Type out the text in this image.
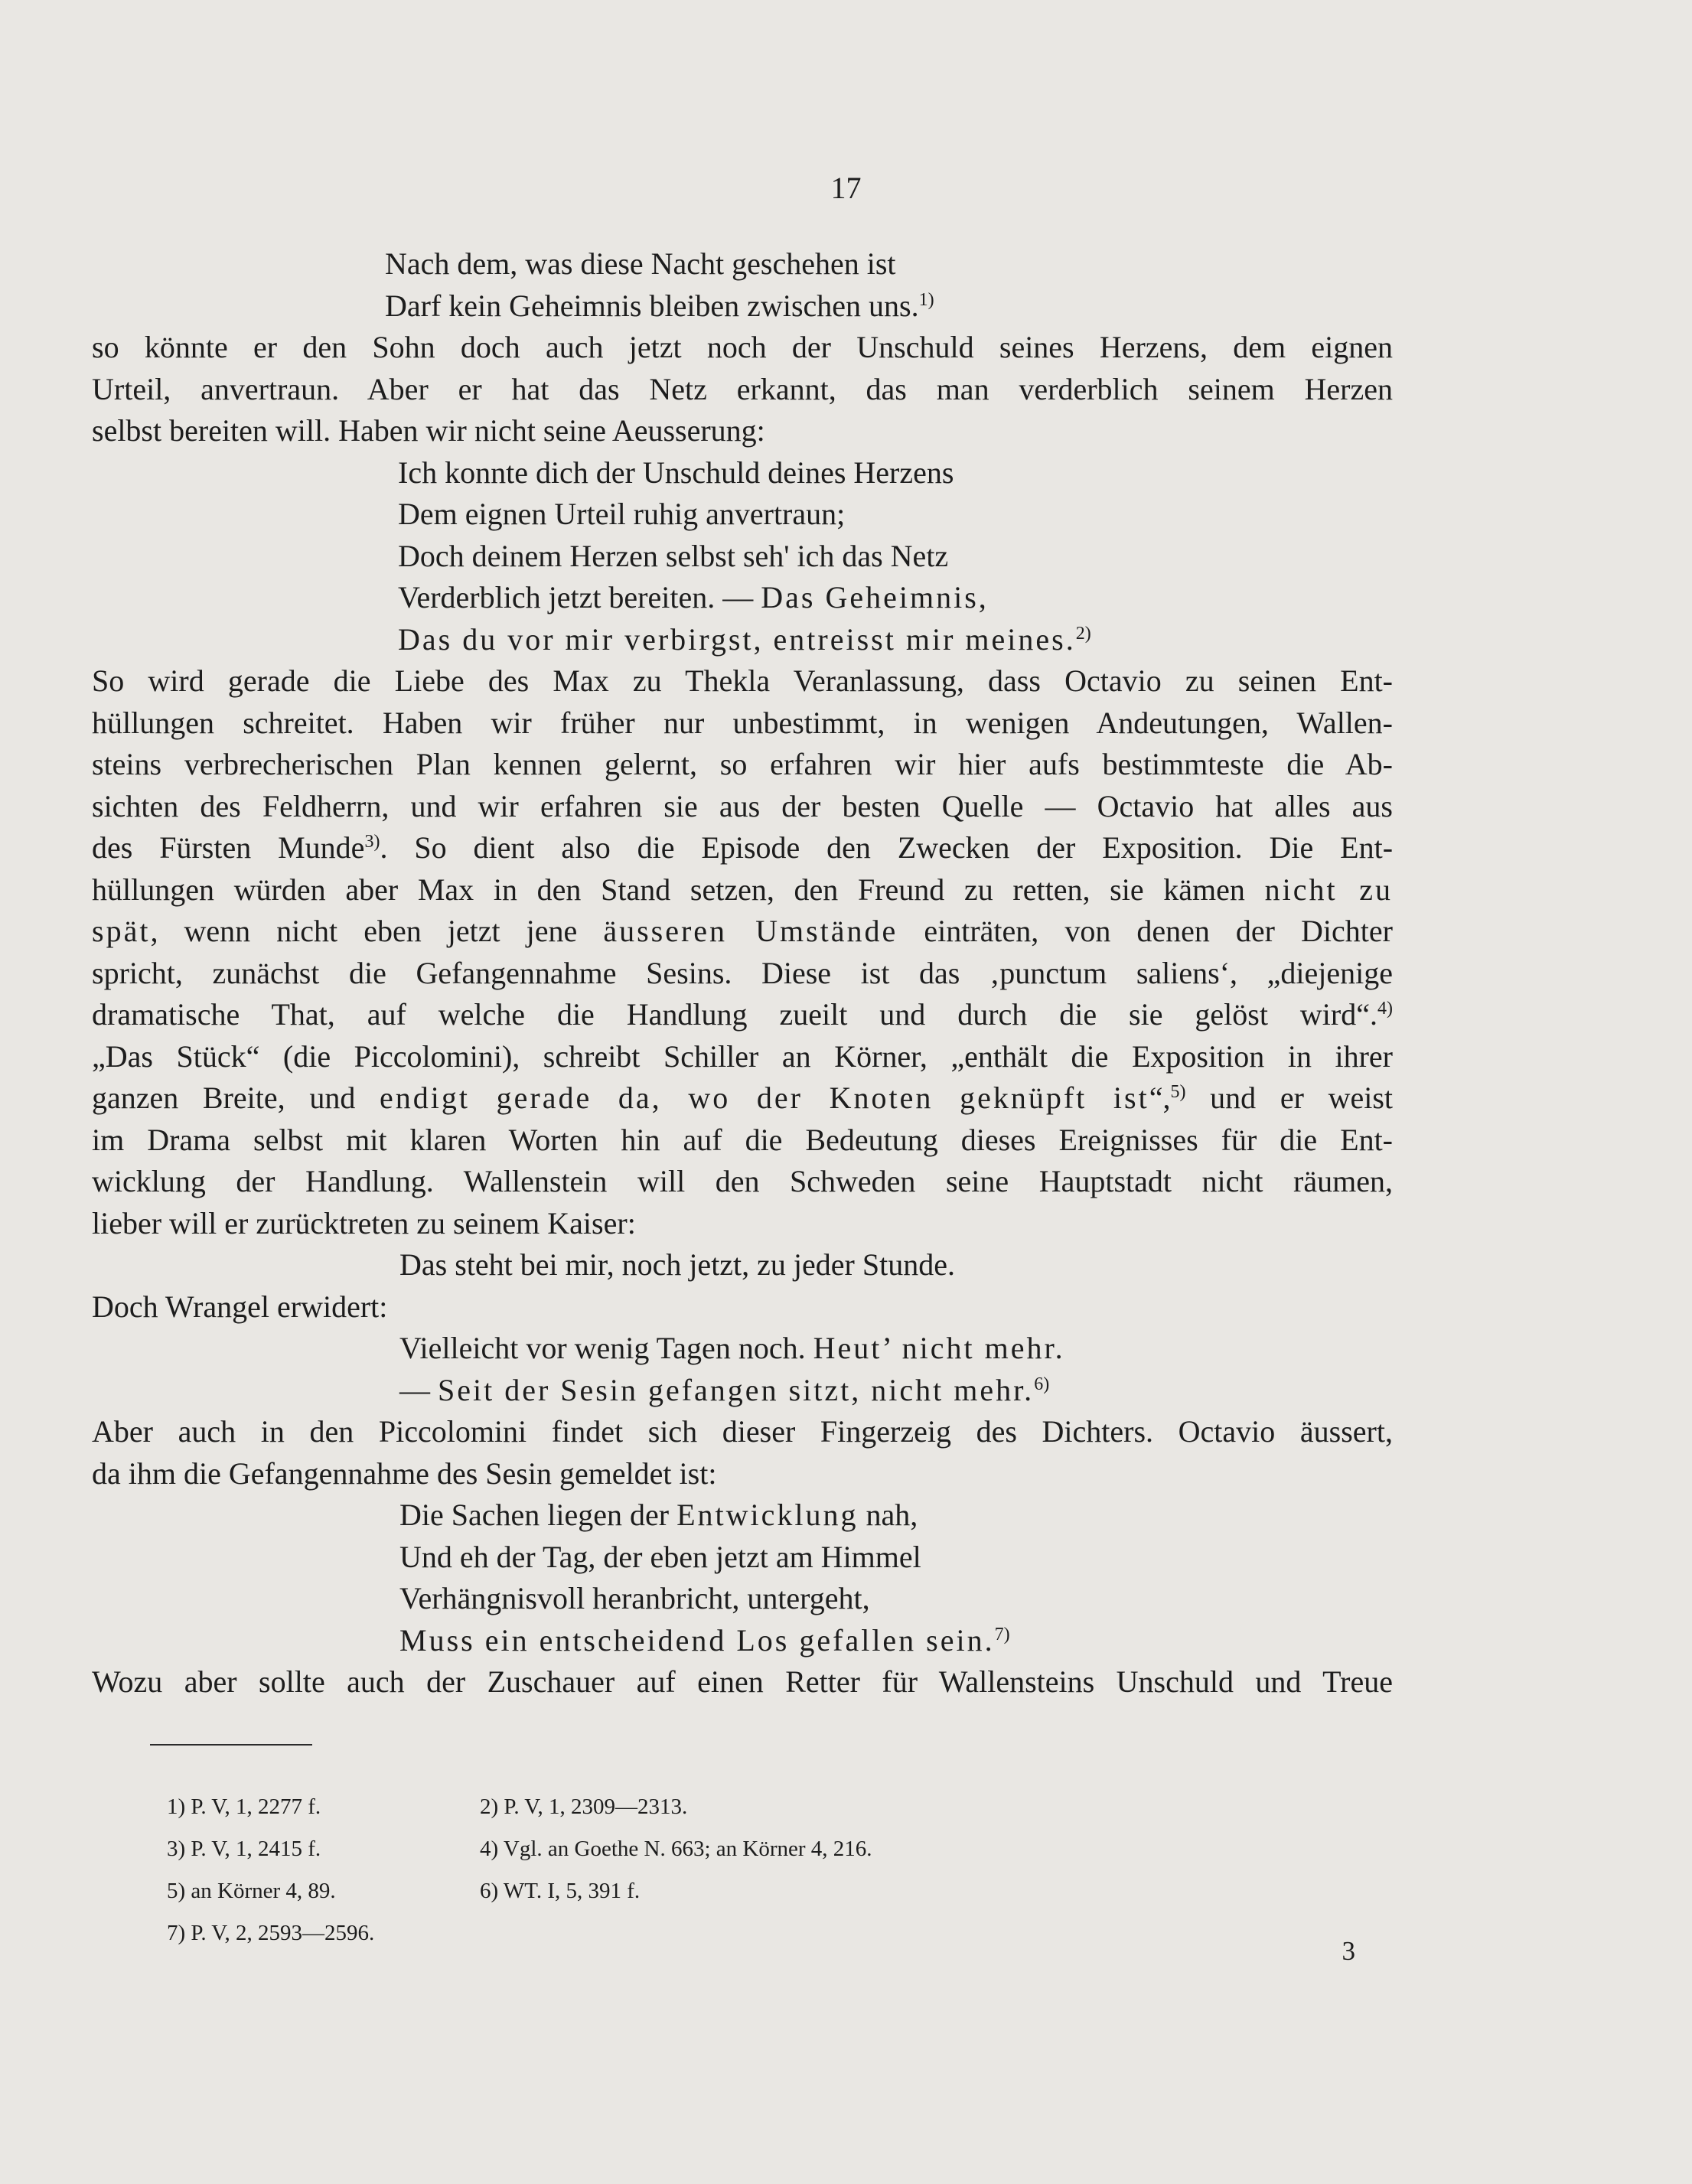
17
Nach dem, was diese Nacht geschehen ist
Darf kein Geheimnis bleiben zwischen uns.$^{1)}$
so könnte er den Sohn doch auch jetzt noch der Unschuld seines Herzens, dem eignen
Urteil, anvertraun. Aber er hat das Netz erkannt, das man verderblich seinem Herzen
selbst bereiten will. Haben wir nicht seine Aeusserung:
Ich konnte dich der Unschuld deines Herzens
Dem eignen Urteil ruhig anvertraun;
Doch deinem Herzen selbst seh' ich das Netz
Verderblich jetzt bereiten. — Das Geheimnis,
Das du vor mir verbirgst, entreisst mir meines.$^{2)}$
So wird gerade die Liebe des Max zu Thekla Veranlassung, dass Octavio zu seinen Ent-
hüllungen schreitet. Haben wir früher nur unbestimmt, in wenigen Andeutungen, Wallen-
steins verbrecherischen Plan kennen gelernt, so erfahren wir hier aufs bestimmteste die Ab-
sichten des Feldherrn, und wir erfahren sie aus der besten Quelle — Octavio hat alles aus
des Fürsten Munde$^{3)}$. So dient also die Episode den Zwecken der Exposition. Die Ent-
hüllungen würden aber Max in den Stand setzen, den Freund zu retten, sie kämen nicht zu
spät, wenn nicht eben jetzt jene äusseren Umstände einträten, von denen der Dichter
spricht, zunächst die Gefangennahme Sesins. Diese ist das ‚punctum saliens‘, „diejenige
dramatische That, auf welche die Handlung zueilt und durch die sie gelöst wird“.$^{4)}$
„Das Stück“ (die Piccolomini), schreibt Schiller an Körner, „enthält die Exposition in ihrer
ganzen Breite, und endigt gerade da, wo der Knoten geknüpft ist“,$^{5)}$ und er weist
im Drama selbst mit klaren Worten hin auf die Bedeutung dieses Ereignisses für die Ent-
wicklung der Handlung. Wallenstein will den Schweden seine Hauptstadt nicht räumen,
lieber will er zurücktreten zu seinem Kaiser:
Das steht bei mir, noch jetzt, zu jeder Stunde.
Doch Wrangel erwidert:
Vielleicht vor wenig Tagen noch. Heut’ nicht mehr.
— Seit der Sesin gefangen sitzt, nicht mehr.$^{6)}$
Aber auch in den Piccolomini findet sich dieser Fingerzeig des Dichters. Octavio äussert,
da ihm die Gefangennahme des Sesin gemeldet ist:
Die Sachen liegen der Entwicklung nah,
Und eh der Tag, der eben jetzt am Himmel
Verhängnisvoll heranbricht, untergeht,
Muss ein entscheidend Los gefallen sein.$^{7)}$
Wozu aber sollte auch der Zuschauer auf einen Retter für Wallensteins Unschuld und Treue
1) P. V, 1, 2277 f.	2) P. V, 1, 2309—2313.
3) P. V, 1, 2415 f.	4) Vgl. an Goethe N. 663; an Körner 4, 216.
5) an Körner 4, 89.	6) WT. I, 5, 391 f.
7) P. V, 2, 2593—2596.
3
